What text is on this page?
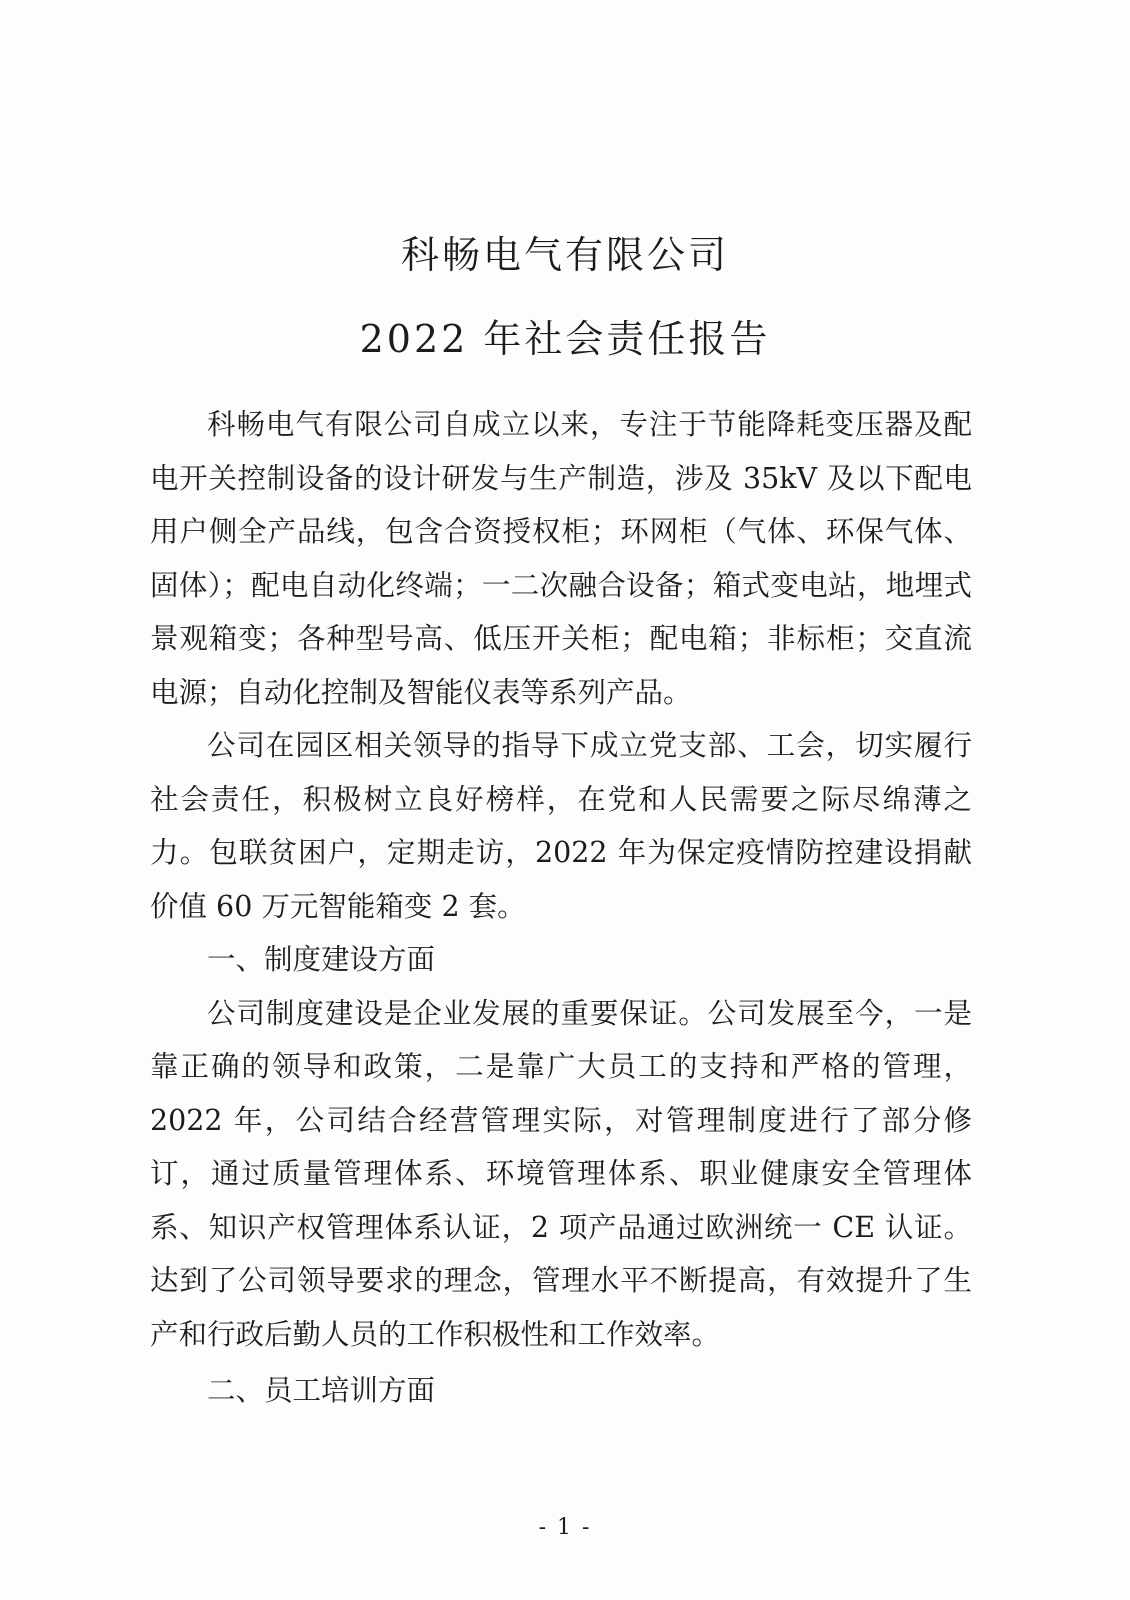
科畅电气有限公司
2022 年社会责任报告

科畅电气有限公司自成立以来，专注于节能降耗变压器及配电开关控制设备的设计研发与生产制造，涉及 35kV 及以下配电用户侧全产品线，包含合资授权柜；环网柜（气体、环保气体、固体）；配电自动化终端；一二次融合设备；箱式变电站，地埋式景观箱变；各种型号高、低压开关柜；配电箱；非标柜；交直流电源；自动化控制及智能仪表等系列产品。

公司在园区相关领导的指导下成立党支部、工会，切实履行社会责任，积极树立良好榜样，在党和人民需要之际尽绵薄之力。包联贫困户，定期走访，2022 年为保定疫情防控建设捐献价值 60 万元智能箱变 2 套。

一、制度建设方面

公司制度建设是企业发展的重要保证。公司发展至今，一是靠正确的领导和政策，二是靠广大员工的支持和严格的管理，2022 年，公司结合经营管理实际，对管理制度进行了部分修订，通过质量管理体系、环境管理体系、职业健康安全管理体系、知识产权管理体系认证，2 项产品通过欧洲统一 CE 认证。达到了公司领导要求的理念，管理水平不断提高，有效提升了生产和行政后勤人员的工作积极性和工作效率。

二、员工培训方面

- 1 -
